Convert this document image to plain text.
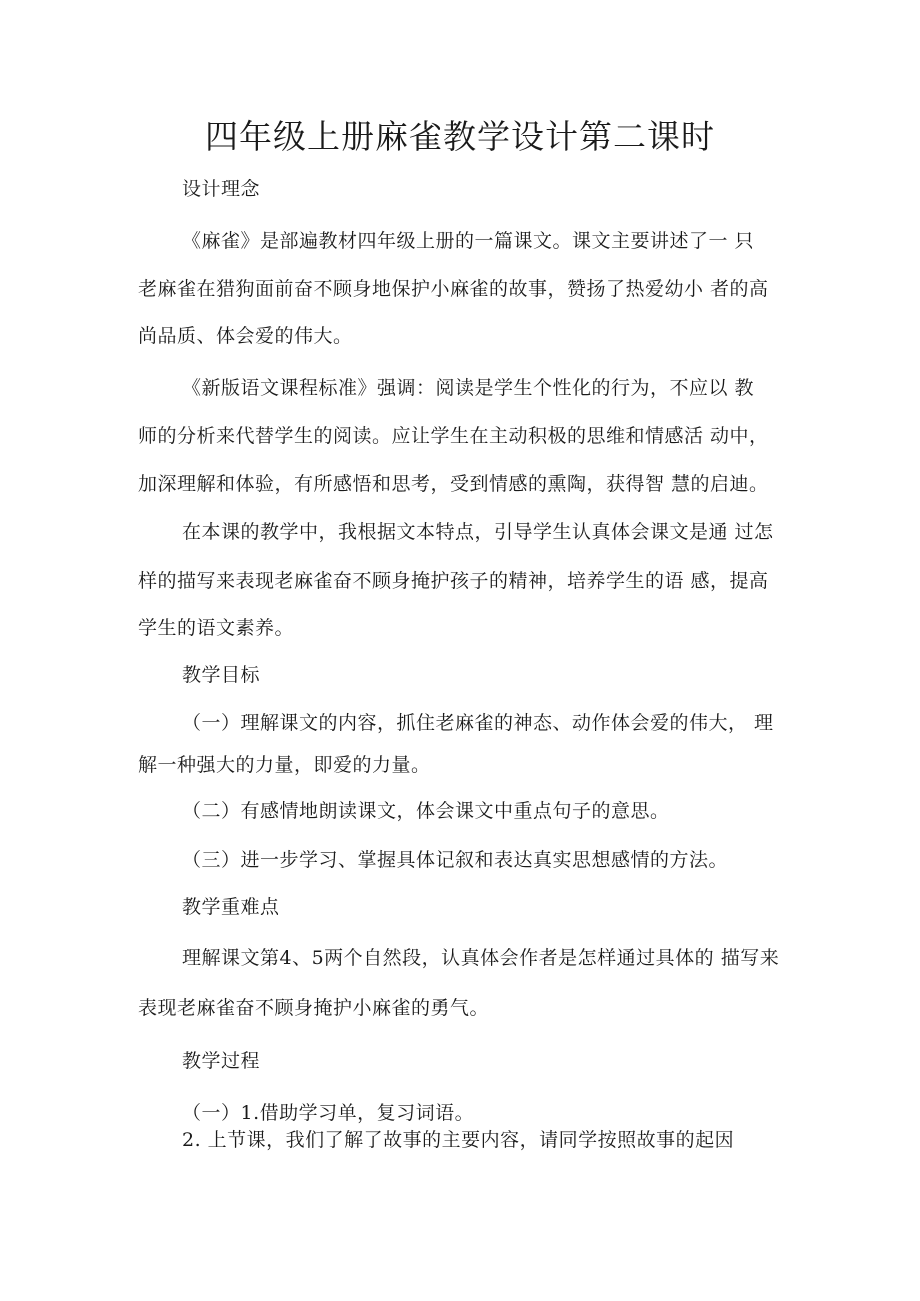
四年级上册麻雀教学设计第二课时
设计理念
《麻雀》是部遍教材四年级上册的一篇课文。课文主要讲述了一 只
老麻雀在猎狗面前奋不顾身地保护小麻雀的故事，赞扬了热爱幼小 者的高
尚品质、体会爱的伟大。
《新版语文课程标准》强调：阅读是学生个性化的行为，不应以 教
师的分析来代替学生的阅读。应让学生在主动积极的思维和情感活 动中，
加深理解和体验，有所感悟和思考，受到情感的熏陶，获得智 慧的启迪。
在本课的教学中，我根据文本特点，引导学生认真体会课文是通 过怎
样的描写来表现老麻雀奋不顾身掩护孩子的精神，培养学生的语 感，提高
学生的语文素养。
教学目标
（一）理解课文的内容，抓住老麻雀的神态、动作体会爱的伟大， 理
解一种强大的力量，即爱的力量。
（二）有感情地朗读课文，体会课文中重点句子的意思。
（三）进一步学习、掌握具体记叙和表达真实思想感情的方法。
教学重难点
理解课文第4、5两个自然段，认真体会作者是怎样通过具体的 描写来
表现老麻雀奋不顾身掩护小麻雀的勇气。
教学过程
（一）1.借助学习单，复习词语。
2. 上节课，我们了解了故事的主要内容，请同学按照故事的起因
